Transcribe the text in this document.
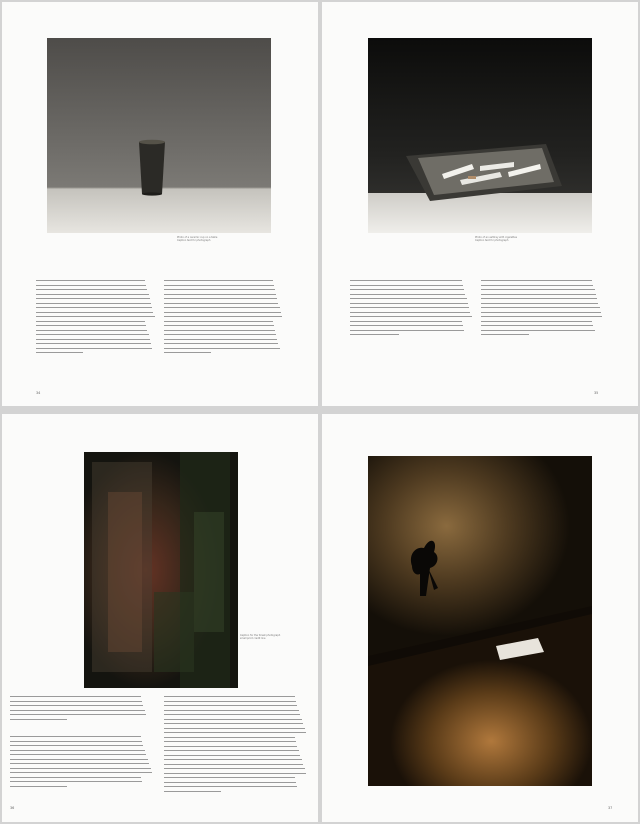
Photo of a ceramic cup on a table
Caption text for photograph
34
Photo of an ashtray with cigarettes
Caption text for photograph
35
Caption for the forest photograph
small print credit line
36	37
